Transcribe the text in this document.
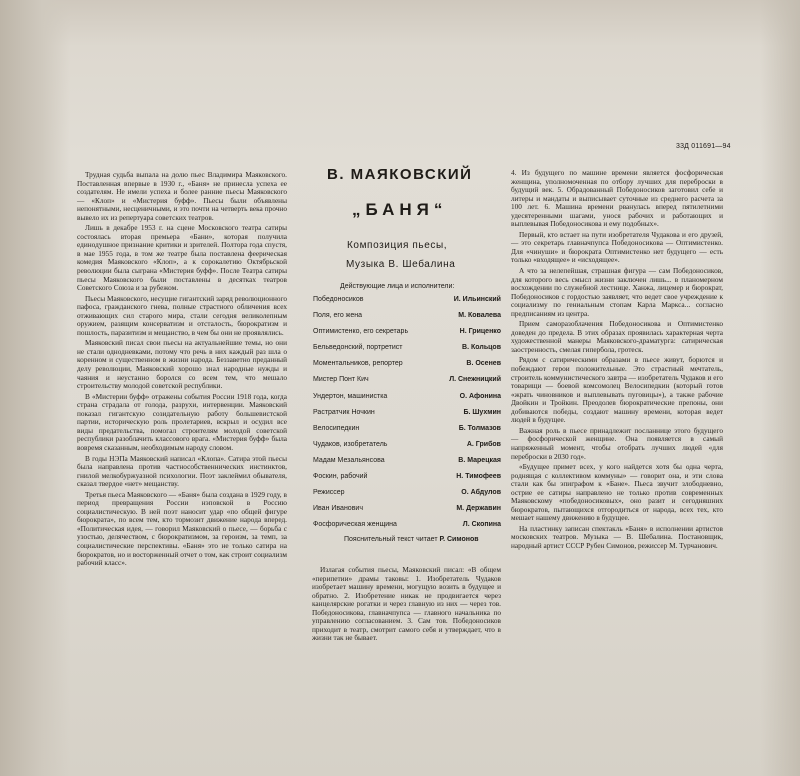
33Д 011691—94

Трудная судьба выпала на долю пьес Владимира Маяковского. Поставленная впервые в 1930 г., «Баня» не принесла успеха ее создателям. Не имели успеха и более ранние пьесы Маяковского — «Клоп» и «Мистерия буфф». Пьесы были объявлены непонятными, несценичными, и это почти на четверть века прочно вывело их из репертуара советских театров.

Лишь в декабре 1953 г. на сцене Московского театра сатиры состоялась вторая премьера «Бани», которая получила единодушное признание критики и зрителей. Полтора года спустя, в мае 1955 года, в том же театре была поставлена феерическая комедия Маяковского «Клоп», а к сорокалетию Октябрьской революции была сыграна «Мистерия буфф». После Театра сатиры пьесы Маяковского были поставлены в десятках театров Советского Союза и за рубежом.

Пьесы Маяковского, несущие гигантский заряд революционного пафоса, гражданского гнева, полные страстного обличения всех отживающих сил старого мира, стали сегодня великолепным оружием, разящим консерватизм и отсталость, бюрократизм и пошлость, паразитизм и мещанство, в чем бы они не проявлялись.

Маяковский писал свои пьесы на актуальнейшие темы, но они не стали однодневками, потому что речь в них каждый раз шла о коренном и существенном в жизни народа. Беззаветно преданный делу революции, Маяковский хорошо знал народные нужды и чаяния и неустанно боролся со всем тем, что мешало строительству молодой советской республики.

В «Мистерии буфф» отражены события России 1918 года, когда страна страдала от голода, разрухи, интервенции. Маяковский показал гигантскую созидательную работу большевистской партии, историческую роль пролетариев, вскрыл и осудил все виды предательства, помогал строителям молодой советской республики разоблачить классового врага. «Мистерия буфф» была вовремя сказанным, необходимым народу словом.

В годы НЭПа Маяковский написал «Клопа». Сатира этой пьесы была направлена против частнособственнических инстинктов, гнилой мелкобуржуазной психологии. Поэт заклеймил обывателя, сказал твердое «нет» мещанству.

Третья пьеса Маяковского — «Баня» была создана в 1929 году, в период превращения России нэповской в Россию социалистическую. В ней поэт наносит удар «по общей фигуре бюрократа», по всем тем, кто тормозит движение народа вперед. «Политическая идея, — говорил Маяковский о пьесе, — борьба с узостью, делячеством, с бюрократизмом, за героизм, за темп, за социалистические перспективы. «Баня» это не только сатира на бюрократов, но и восторженный отчет о том, как строит социализм рабочий класс».

В. МАЯКОВСКИЙ
„БАНЯ“
Композиция пьесы,
Музыка В. Шебалина
Действующие лица и исполнители:
Победоносиков	И. Ильинский
Поля, его жена	М. Ковалева
Оптимистенко, его секретарь	Н. Гриценко
Бельведонский, портретист	В. Кольцов
Моментальников, репортер	В. Осенев
Мистер Понт Кич	Л. Снежницкий
Ундертон, машинистка	О. Афонина
Растратчик Ночкин	Б. Шухмин
Велосипедкин	Б. Толмазов
Чудаков, изобретатель	А. Грибов
Мадам Мезальянсова	В. Марецкая
Фоскин, рабочий	Н. Тимофеев
Режиссер	О. Абдулов
Иван Иванович	М. Державин
Фосфорическая женщина	Л. Скопина
Пояснительный текст читает Р. Симонов

Излагая события пьесы, Маяковский писал: «В общем «перипетии» драмы таковы: 1. Изобретатель Чудаков изобретает машину времени, могущую возить в будущее и обратно. 2. Изобретение никак не продвигается через канцелярские рогатки и через главную из них — через тов. Победоносикова, главначпупса — главного начальника по управлению согласованием. 3. Сам тов. Победоносиков приходит в театр, смотрит самого себя и утверждает, что в жизни так не бывает.

4. Из будущего по машине времени является фосфорическая женщина, уполномоченная по отбору лучших для переброски в будущий век. 5. Обрадованный Победоносиков заготовил себе и литеры и мандаты и выписывает суточные из среднего расчета за 100 лет. 6. Машина времени рванулась вперед пятилетними удесятеренными шагами, унося рабочих и работающих и выплевывая Победоносикова и ему подобных».

Первый, кто встает на пути изобретателя Чудакова и его друзей, — это секретарь главначпупса Победоносикова — Оптимистенко. Для «чинуши» и бюрократа Оптимистенко нет будущего — есть только «входящее» и «исходящее».

А что за нелепейшая, страшная фигура — сам Победоносиков, для которого весь смысл жизни заключен лишь... в планомерном восхождении по служебной лестнице. Ханжа, лицемер и бюрократ, Победоносиков с гордостью заявляет, что ведет свое учреждение к социализму по гениальным стопам Карла Маркса... согласно предписаниям из центра.

Прием саморазоблачения Победоносикова и Оптимистенко доведен до предела. В этих образах проявилась характерная черта художественной манеры Маяковского-драматурга: сатирическая заостренность, смелая гипербола, гротеск.

Рядом с сатирическими образами в пьесе живут, борются и побеждают герои положительные. Это страстный мечтатель, строитель коммунистического завтра — изобретатель Чудаков и его товарищи — боевой комсомолец Велосипедкин (который готов «жрать чиновников и выплевывать пуговицы»), а также рабочие Двойкин и Тройкин. Преодолев бюрократические препоны, они добиваются победы, создают машину времени, которая ведет людей в будущее.

Важная роль в пьесе принадлежит посланнице этого будущего — фосфорической женщине. Она появляется в самый напряженный момент, чтобы отобрать лучших людей «для переброски в 2030 год».

«Будущее примет всех, у кого найдется хотя бы одна черта, роднящая с коллективом коммуны» — говорит она, и эти слова стали как бы эпиграфом к «Бане». Пьеса звучит злободневно, острие ее сатиры направлено не только против современных Маяковскому «победоносиковых», оно разит и сегодняшних бюрократов, пытающихся отгородиться от народа, всех тех, кто мешает нашему движению в будущее.

На пластинку записан спектакль «Баня» в исполнении артистов московских театров. Музыка — В. Шебалина. Постановщик, народный артист СССР Рубен Симонов, режиссер М. Турчанович.
